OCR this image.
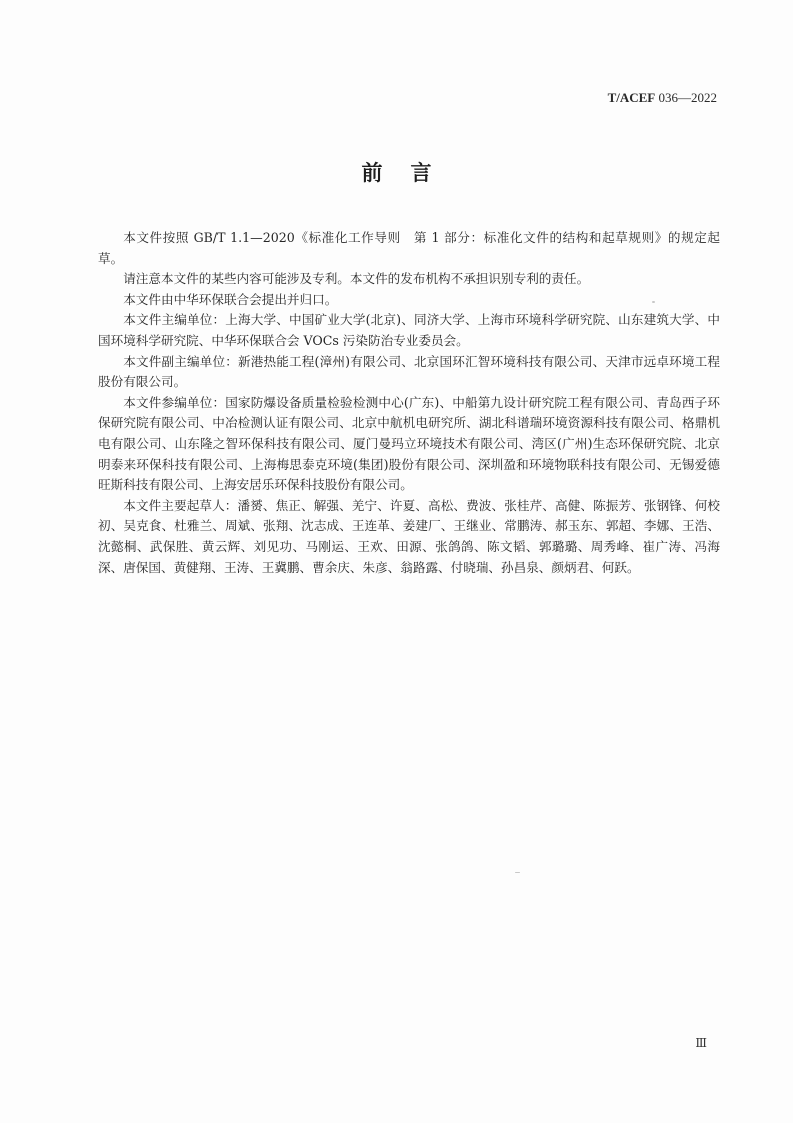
T/ACEF 036—2022
前言

本文件按照 GB/T 1.1—2020《标准化工作导则　第 1 部分：标准化文件的结构和起草规则》的规定起草。

请注意本文件的某些内容可能涉及专利。本文件的发布机构不承担识别专利的责任。

本文件由中华环保联合会提出并归口。

本文件主编单位：上海大学、中国矿业大学(北京)、同济大学、上海市环境科学研究院、山东建筑大学、中国环境科学研究院、中华环保联合会 VOCs 污染防治专业委员会。

本文件副主编单位：新港热能工程(漳州)有限公司、北京国环汇智环境科技有限公司、天津市远卓环境工程股份有限公司。

本文件参编单位：国家防爆设备质量检验检测中心(广东)、中船第九设计研究院工程有限公司、青岛西子环保研究院有限公司、中冶检测认证有限公司、北京中航机电研究所、湖北科谱瑞环境资源科技有限公司、格鼎机电有限公司、山东隆之智环保科技有限公司、厦门曼玛立环境技术有限公司、湾区(广州)生态环保研究院、北京明泰来环保科技有限公司、上海梅思泰克环境(集团)股份有限公司、深圳盈和环境物联科技有限公司、无锡爱德旺斯科技有限公司、上海安居乐环保科技股份有限公司。

本文件主要起草人：潘赟、焦正、解强、羌宁、许夏、高松、费波、张桂芹、高健、陈振芳、张钢锋、何校初、吴克食、杜雅兰、周斌、张翔、沈志成、王连革、姜建厂、王继业、常鹏涛、郝玉东、郭超、李娜、王浩、沈懿桐、武保胜、黄云辉、刘见功、马刚运、王欢、田源、张鸽鸽、陈文韬、郭璐璐、周秀峰、崔广涛、冯海深、唐保国、黄健翔、王涛、王冀鹏、曹余庆、朱彦、翁路露、付晓瑞、孙昌泉、颜炳君、何跃。

Ⅲ
